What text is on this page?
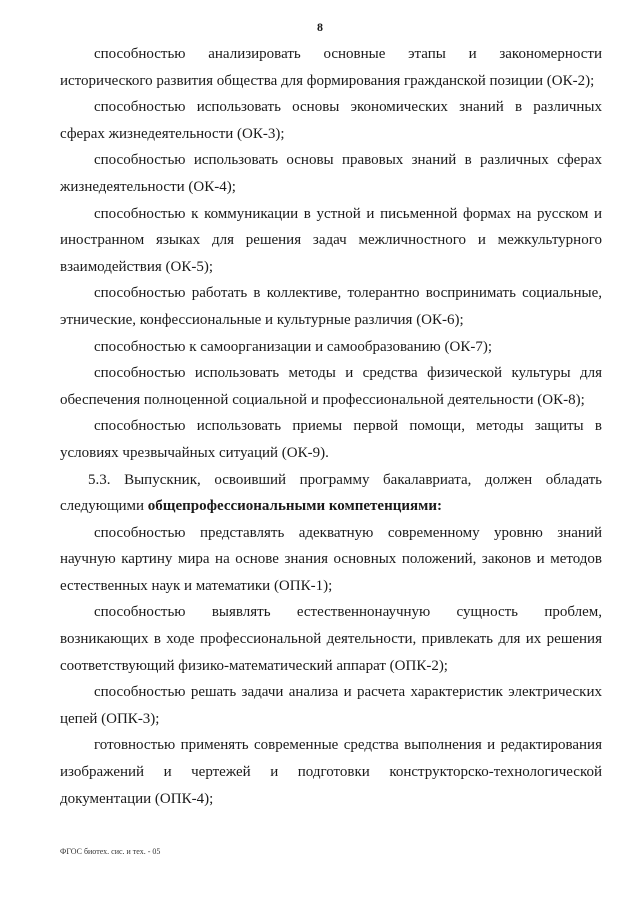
8

способностью анализировать основные этапы и закономерности исторического развития общества для формирования гражданской позиции (ОК-2);

способностью использовать основы экономических знаний в различных сферах жизнедеятельности (ОК-3);

способностью использовать основы правовых знаний в различных сферах жизнедеятельности (ОК-4);

способностью к коммуникации в устной и письменной формах на русском и иностранном языках для решения задач межличностного и межкультурного взаимодействия (ОК-5);

способностью работать в коллективе, толерантно воспринимать социальные, этнические, конфессиональные и культурные различия (ОК-6);

способностью к самоорганизации и самообразованию (ОК-7);

способностью использовать методы и средства физической культуры для обеспечения полноценной социальной и профессиональной деятельности (ОК-8);

способностью использовать приемы первой помощи, методы защиты в условиях чрезвычайных ситуаций (ОК-9).

5.3. Выпускник, освоивший программу бакалавриата, должен обладать следующими общепрофессиональными компетенциями:

способностью представлять адекватную современному уровню знаний научную картину мира на основе знания основных положений, законов и методов естественных наук и математики (ОПК-1);

способностью выявлять естественнонаучную сущность проблем, возникающих в ходе профессиональной деятельности, привлекать для их решения соответствующий физико-математический аппарат (ОПК-2);

способностью решать задачи анализа и расчета характеристик электрических цепей (ОПК-3);

готовностью применять современные средства выполнения и редактирования изображений и чертежей и подготовки конструкторско-технологической документации (ОПК-4);

ФГОС биотех. сис. и тех. - 05
